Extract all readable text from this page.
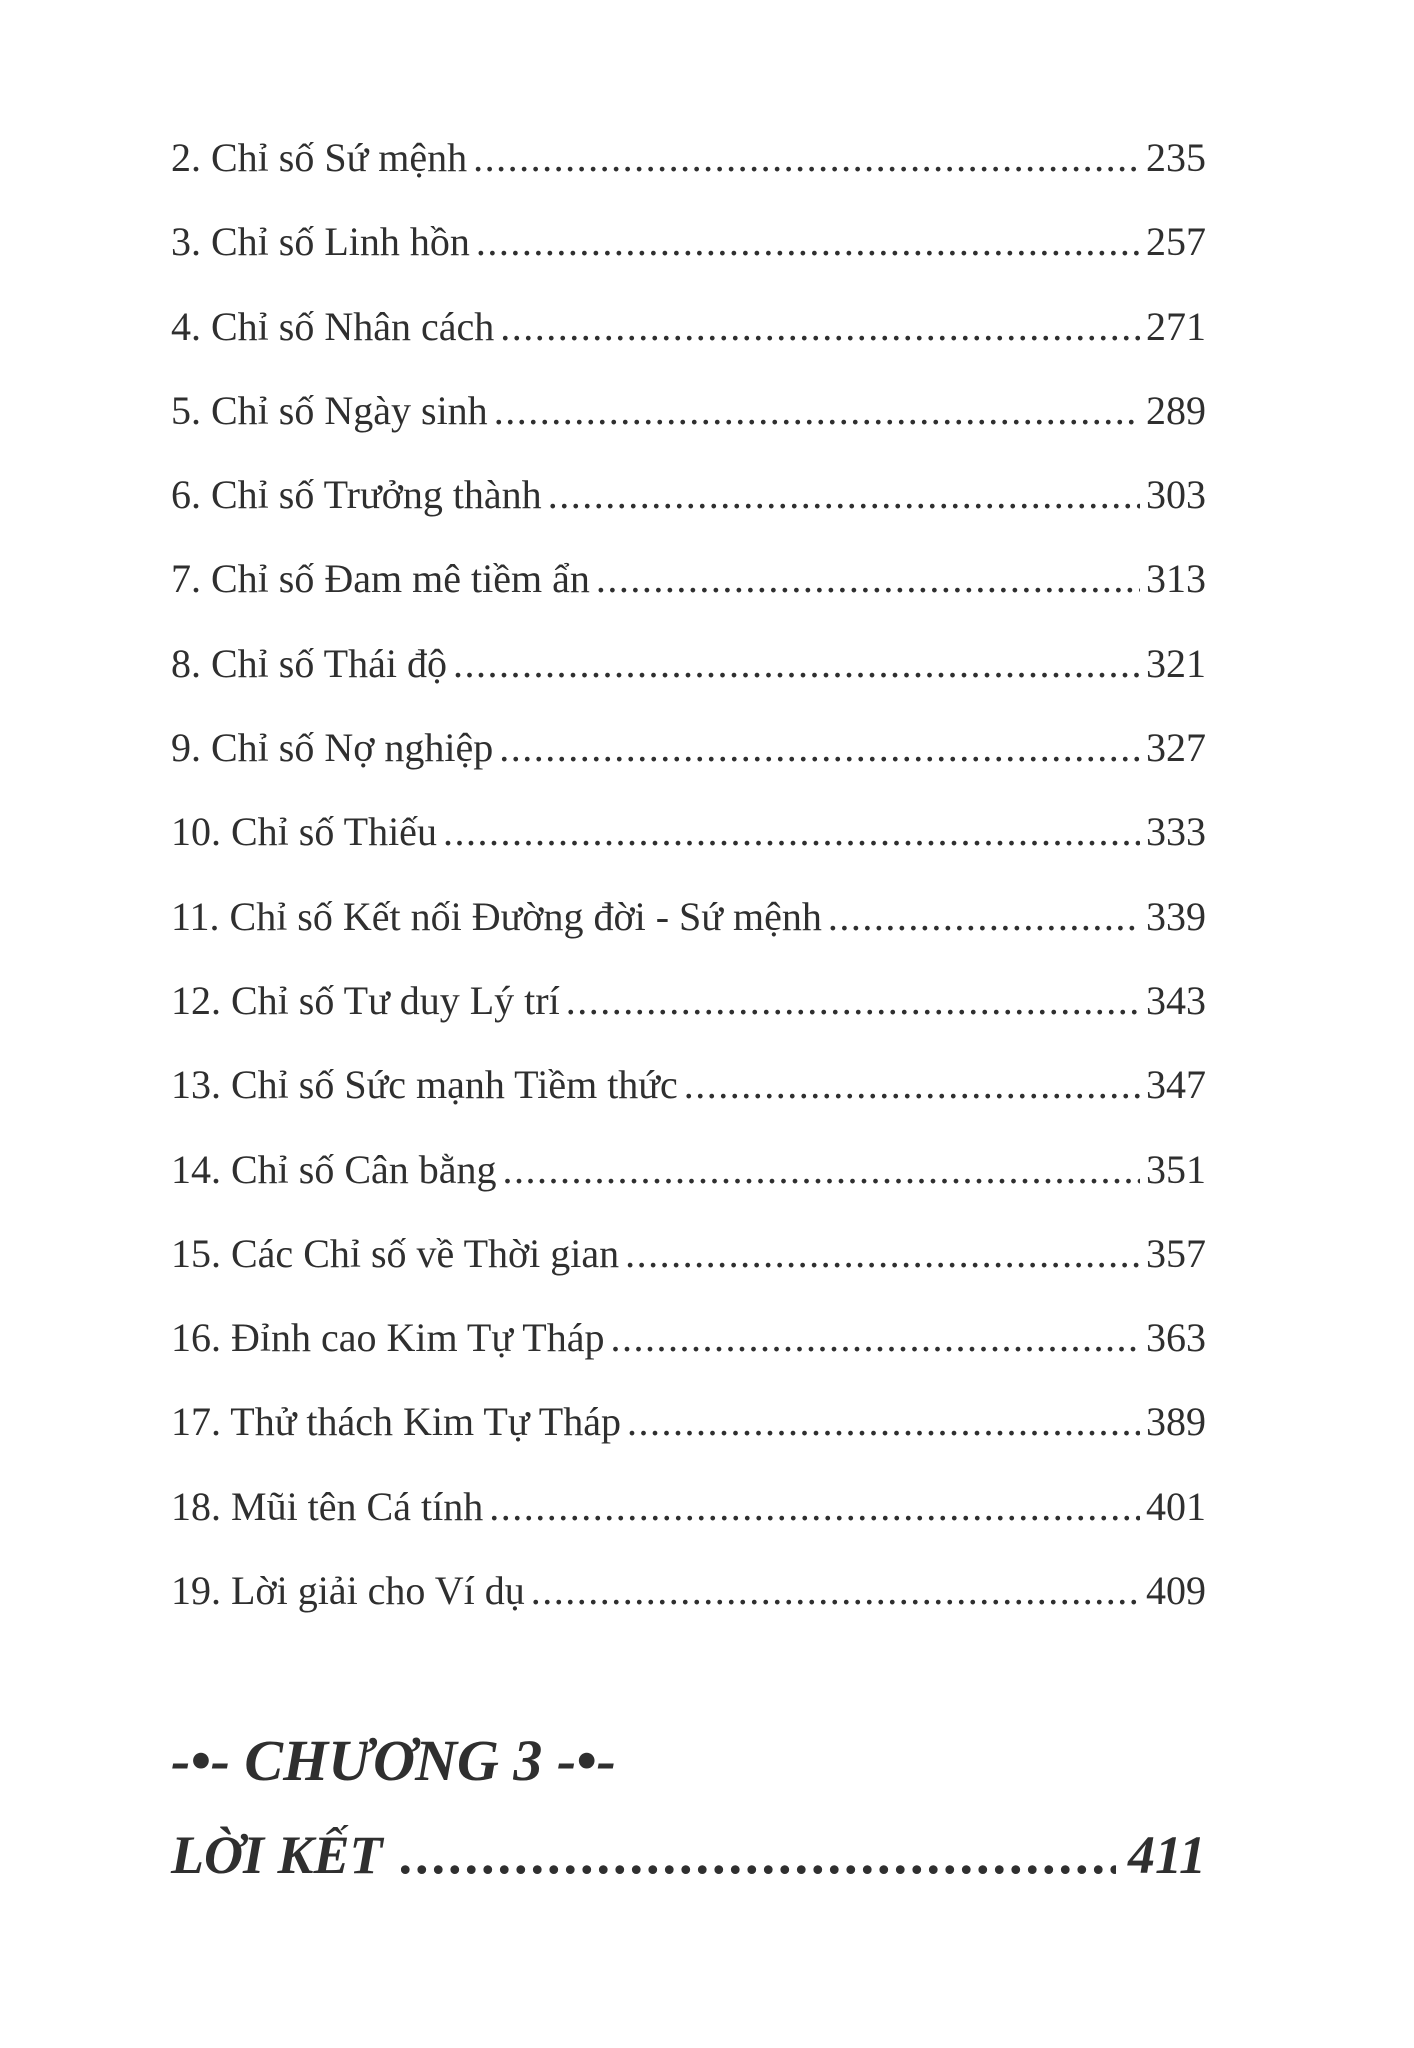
2. Chỉ số Sứ mệnh .....	235
3. Chỉ số Linh hồn .....	257
4. Chỉ số Nhân cách .....	271
5. Chỉ số Ngày sinh .....	289
6. Chỉ số Trưởng thành .....	303
7. Chỉ số Đam mê tiềm ẩn .....	313
8. Chỉ số Thái độ .....	321
9. Chỉ số Nợ nghiệp .....	327
10. Chỉ số Thiếu .....	333
11. Chỉ số Kết nối Đường đời - Sứ mệnh .....	339
12. Chỉ số Tư duy Lý trí .....	343
13. Chỉ số Sức mạnh Tiềm thức .....	347
14. Chỉ số Cân bằng .....	351
15. Các Chỉ số về Thời gian .....	357
16. Đỉnh cao Kim Tự Tháp .....	363
17. Thử thách Kim Tự Tháp .....	389
18. Mũi tên Cá tính .....	401
19. Lời giải cho Ví dụ .....	409
-•- CHƯƠNG 3 -•-
LỜI KẾT .....	411
